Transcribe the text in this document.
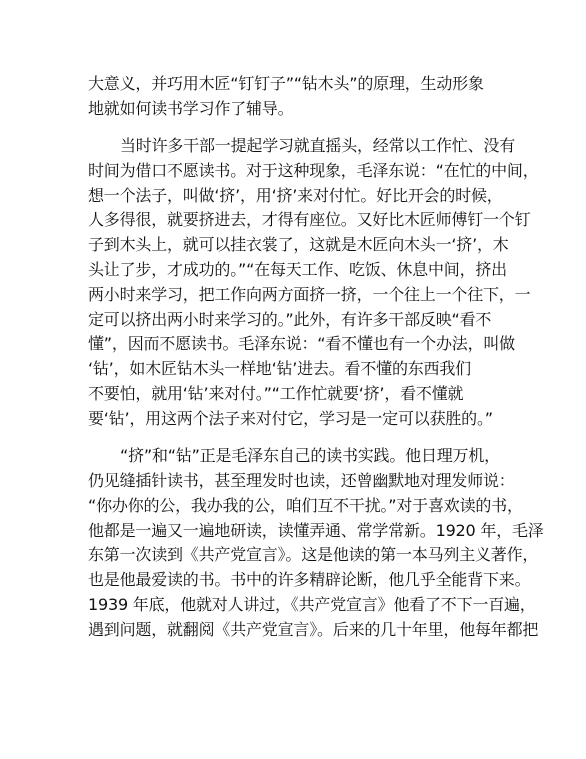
大意义，并巧用木匠“钉钉子”“钻木头”的原理，生动形象

地就如何读书学习作了辅导。

当时许多干部一提起学习就直摇头，经常以工作忙、没有

时间为借口不愿读书。对于这种现象，毛泽东说：“在忙的中间，

想一个法子，叫做‘挤’，用‘挤’来对付忙。好比开会的时候，

人多得很，就要挤进去，才得有座位。又好比木匠师傅钉一个钉

子到木头上，就可以挂衣裳了，这就是木匠向木头一‘挤’，木

头让了步，才成功的。”“在每天工作、吃饭、休息中间，挤出

两小时来学习，把工作向两方面挤一挤，一个往上一个往下，一

定可以挤出两小时来学习的。”此外，有许多干部反映“看不

懂”，因而不愿读书。毛泽东说：“看不懂也有一个办法，叫做

‘钻’，如木匠钻木头一样地‘钻’进去。看不懂的东西我们

不要怕，就用‘钻’来对付。”“工作忙就要‘挤’，看不懂就

要‘钻’，用这两个法子来对付它，学习是一定可以获胜的。”

“挤”和“钻”正是毛泽东自己的读书实践。他日理万机，

仍见缝插针读书，甚至理发时也读，还曾幽默地对理发师说：

“你办你的公，我办我的公，咱们互不干扰。”对于喜欢读的书，

他都是一遍又一遍地研读，读懂弄通、常学常新。1920 年，毛泽

东第一次读到《共产党宣言》。这是他读的第一本马列主义著作，

也是他最爱读的书。书中的许多精辟论断，他几乎全能背下来。

1939 年底，他就对人讲过，《共产党宣言》他看了不下一百遍，

遇到问题，就翻阅《共产党宣言》。后来的几十年里，他每年都把
